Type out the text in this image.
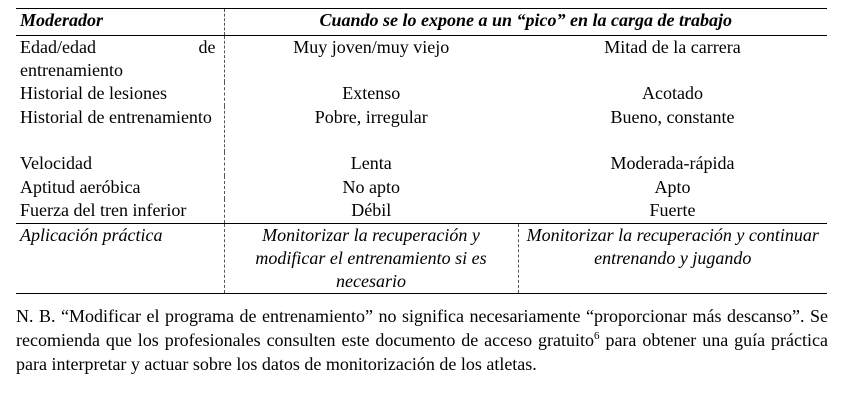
Moderador	Cuando se lo expone a un “pico” en la carga de trabajo	
Edad/edad de entrenamiento	Muy joven/muy viejo	Mitad de la carrera
Historial de lesiones	Extenso	Acotado
Historial de entrenamiento	Pobre, irregular	Bueno, constante
Velocidad	Lenta	Moderada-rápida
Aptitud aeróbica	No apto	Apto
Fuerza del tren inferior	Débil	Fuerte
Aplicación práctica	Monitorizar la recuperación y modificar el entrenamiento si es necesario	Monitorizar la recuperación y continuar entrenando y jugando
N. B. “Modificar el programa de entrenamiento” no significa necesariamente “proporcionar más descanso”. Se recomienda que los profesionales consulten este documento de acceso gratuito$^6$ para obtener una guía práctica para interpretar y actuar sobre los datos de monitorización de los atletas.
